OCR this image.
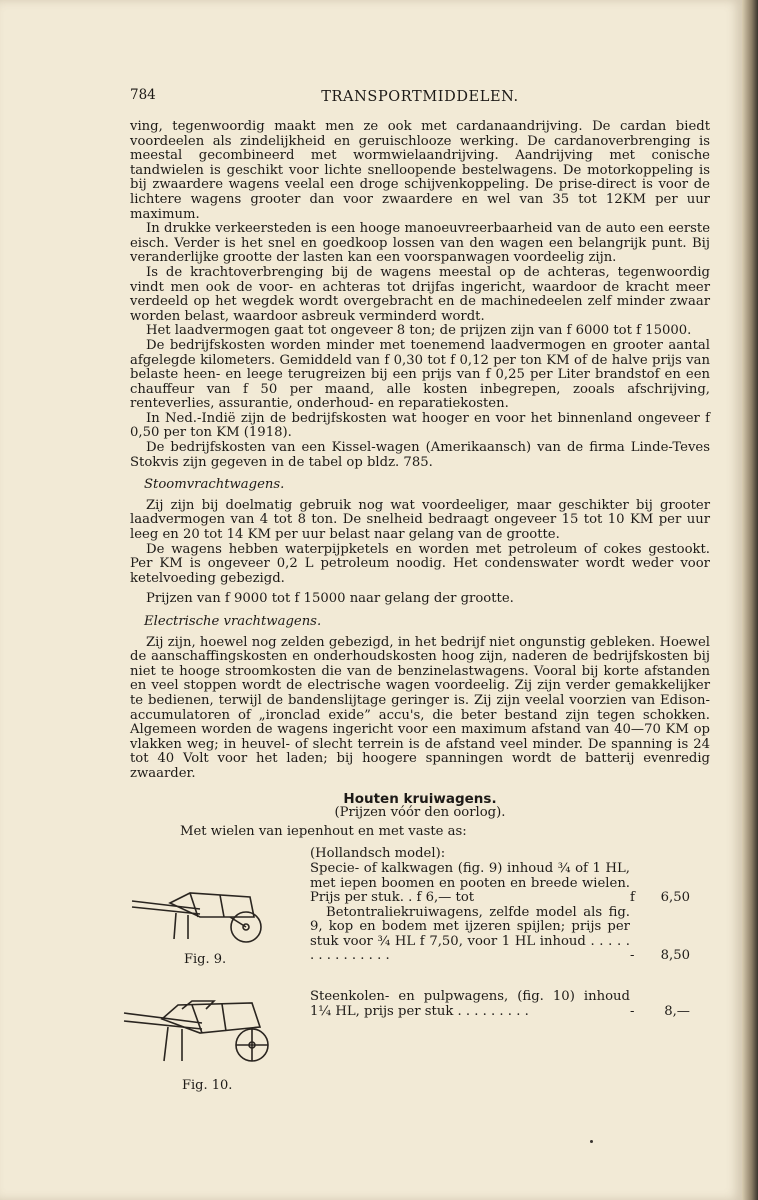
784	TRANSPORTMIDDELEN.

ving, tegenwoordig maakt men ze ook met cardanaandrijving. De cardan biedt voordeelen als zindelijkheid en geruischlooze werking. De cardanoverbrenging is meestal gecombineerd met wormwielaandrijving. Aandrijving met conische tandwielen is geschikt voor lichte snelloopende bestelwagens. De motorkoppeling is bij zwaardere wagens veelal een droge schijvenkoppeling. De prise-direct is voor de lichtere wagens grooter dan voor zwaardere en wel van 35 tot 12KM per uur maximum.

In drukke verkeersteden is een hooge manoeuvreerbaarheid van de auto een eerste eisch. Verder is het snel en goedkoop lossen van den wagen een belangrijk punt. Bij veranderlijke grootte der lasten kan een voorspanwagen voordeelig zijn.

Is de krachtoverbrenging bij de wagens meestal op de achteras, tegenwoordig vindt men ook de voor- en achteras tot drijfas ingericht, waardoor de kracht meer verdeeld op het wegdek wordt overgebracht en de machinedeelen zelf minder zwaar worden belast, waardoor asbreuk verminderd wordt.

Het laadvermogen gaat tot ongeveer 8 ton; de prijzen zijn van f 6000 tot f 15000.

De bedrijfskosten worden minder met toenemend laadvermogen en grooter aantal afgelegde kilometers. Gemiddeld van f 0,30 tot f 0,12 per ton KM of de halve prijs van belaste heen- en leege terugreizen bij een prijs van f 0,25 per Liter brandstof en een chauffeur van f 50 per maand, alle kosten inbegrepen, zooals afschrijving, renteverlies, assurantie, onderhoud- en reparatiekosten.

In Ned.-Indië zijn de bedrijfskosten wat hooger en voor het binnenland ongeveer f 0,50 per ton KM (1918).

De bedrijfskosten van een Kissel-wagen (Amerikaansch) van de firma Linde-Teves Stokvis zijn gegeven in de tabel op bldz. 785.

Stoomvrachtwagens.

Zij zijn bij doelmatig gebruik nog wat voordeeliger, maar geschikter bij grooter laadvermogen van 4 tot 8 ton. De snelheid bedraagt ongeveer 15 tot 10 KM per uur leeg en 20 tot 14 KM per uur belast naar gelang van de grootte.

De wagens hebben waterpijpketels en worden met petroleum of cokes gestookt. Per KM is ongeveer 0,2 L petroleum noodig. Het condenswater wordt weder voor ketelvoeding gebezigd.

Prijzen van f 9000 tot f 15000 naar gelang der grootte.

Electrische vrachtwagens.

Zij zijn, hoewel nog zelden gebezigd, in het bedrijf niet ongunstig gebleken. Hoewel de aanschaffingskosten en onderhoudskosten hoog zijn, naderen de bedrijfskosten bij niet te hooge stroomkosten die van de benzinelastwagens. Vooral bij korte afstanden en veel stoppen wordt de electrische wagen voordeelig. Zij zijn verder gemakkelijker te bedienen, terwijl de bandenslijtage geringer is. Zij zijn veelal voorzien van Edison-accumulatoren of „ironclad exide” accu's, die beter bestand zijn tegen schokken. Algemeen worden de wagens ingericht voor een maximum afstand van 40—70 KM op vlakken weg; in heuvel- of slecht terrein is de afstand veel minder. De spanning is 24 tot 40 Volt voor het laden; bij hoogere spanningen wordt de batterij evenredig zwaarder.

Houten kruiwagens.
(Prijzen vóór den oorlog).

Met wielen van iepenhout en met vaste as:

(Hollandsch model):
Specie- of kalkwagen (fig. 9) inhoud ¾ of 1 HL, met iepen boomen en pooten en breede wielen. Prijs per stuk. . f 6,— tot	f	6,50
Betontraliekruiwagens, zelfde model als fig. 9, kop en bodem met ijzeren spijlen; prijs per stuk voor ¾ HL f 7,50, voor 1 HL inhoud . . . . . . . . . . . . . . .	-	8,50
Steenkolen- en pulpwagens, (fig. 10) inhoud 1¼ HL, prijs per stuk . . . . . . . . .	-	8,—
Fig. 9.
Fig. 10.
